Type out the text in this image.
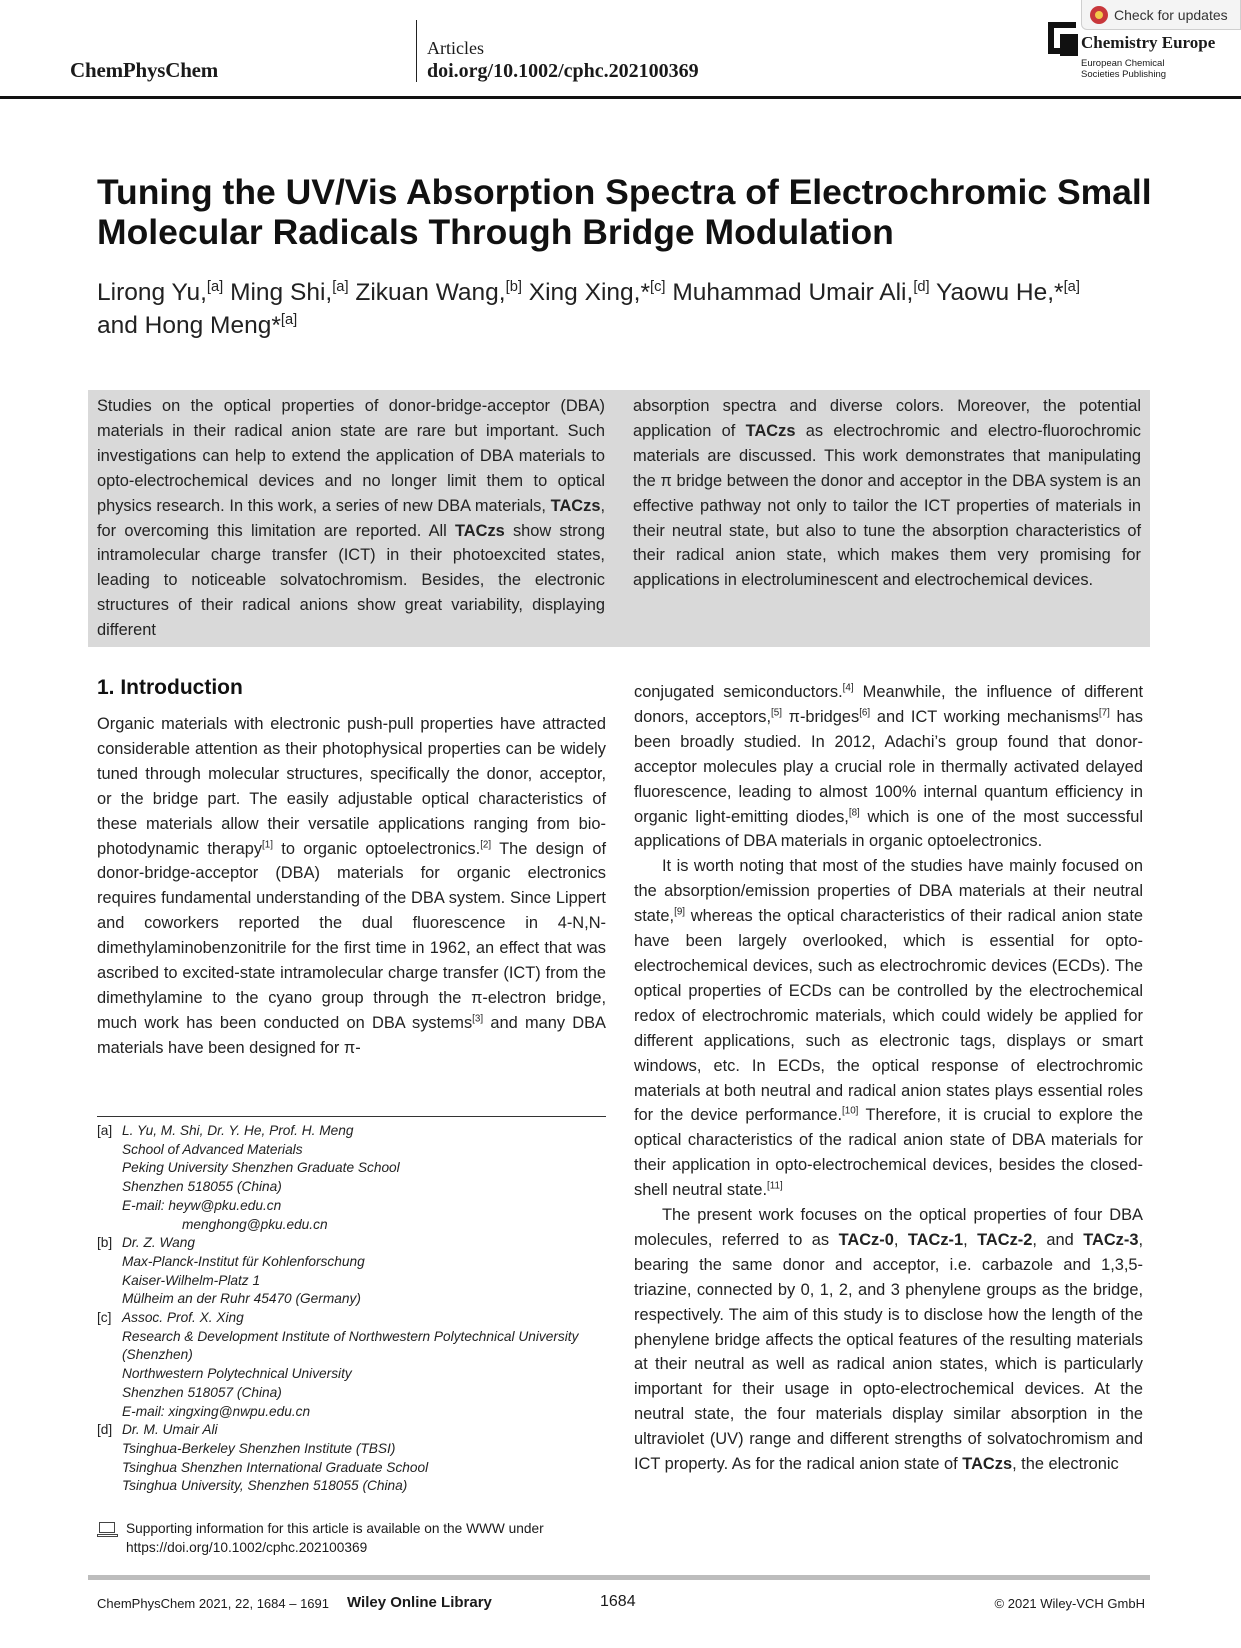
ChemPhysChem
Articles
doi.org/10.1002/cphc.202100369
Chemistry Europe
European Chemical Societies Publishing
Check for updates
Tuning the UV/Vis Absorption Spectra of Electrochromic Small Molecular Radicals Through Bridge Modulation
Lirong Yu,[a] Ming Shi,[a] Zikuan Wang,[b] Xing Xing,*[c] Muhammad Umair Ali,[d] Yaowu He,*[a]
and Hong Meng*[a]
Studies on the optical properties of donor-bridge-acceptor (DBA) materials in their radical anion state are rare but important. Such investigations can help to extend the application of DBA materials to opto-electrochemical devices and no longer limit them to optical physics research. In this work, a series of new DBA materials, TACzs, for overcoming this limitation are reported. All TACzs show strong intramolecular charge transfer (ICT) in their photoexcited states, leading to noticeable solvatochromism. Besides, the electronic structures of their radical anions show great variability, displaying different
absorption spectra and diverse colors. Moreover, the potential application of TACzs as electrochromic and electro-fluorochromic materials are discussed. This work demonstrates that manipulating the π bridge between the donor and acceptor in the DBA system is an effective pathway not only to tailor the ICT properties of materials in their neutral state, but also to tune the absorption characteristics of their radical anion state, which makes them very promising for applications in electroluminescent and electrochemical devices.
1. Introduction

Organic materials with electronic push-pull properties have attracted considerable attention as their photophysical properties can be widely tuned through molecular structures, specifically the donor, acceptor, or the bridge part. The easily adjustable optical characteristics of these materials allow their versatile applications ranging from bio-photodynamic therapy[1] to organic optoelectronics.[2] The design of donor-bridge-acceptor (DBA) materials for organic electronics requires fundamental understanding of the DBA system. Since Lippert and coworkers reported the dual fluorescence in 4-N,N-dimethylaminobenzonitrile for the first time in 1962, an effect that was ascribed to excited-state intramolecular charge transfer (ICT) from the dimethylamine to the cyano group through the π-electron bridge, much work has been conducted on DBA systems[3] and many DBA materials have been designed for π-

conjugated semiconductors.[4] Meanwhile, the influence of different donors, acceptors,[5] π-bridges[6] and ICT working mechanisms[7] has been broadly studied. In 2012, Adachi’s group found that donor-acceptor molecules play a crucial role in thermally activated delayed fluorescence, leading to almost 100% internal quantum efficiency in organic light-emitting diodes,[8] which is one of the most successful applications of DBA materials in organic optoelectronics.

It is worth noting that most of the studies have mainly focused on the absorption/emission properties of DBA materials at their neutral state,[9] whereas the optical characteristics of their radical anion state have been largely overlooked, which is essential for opto-electrochemical devices, such as electrochromic devices (ECDs). The optical properties of ECDs can be controlled by the electrochemical redox of electrochromic materials, which could widely be applied for different applications, such as electronic tags, displays or smart windows, etc. In ECDs, the optical response of electrochromic materials at both neutral and radical anion states plays essential roles for the device performance.[10] Therefore, it is crucial to explore the optical characteristics of the radical anion state of DBA materials for their application in opto-electrochemical devices, besides the closed-shell neutral state.[11]

The present work focuses on the optical properties of four DBA molecules, referred to as TACz-0, TACz-1, TACz-2, and TACz-3, bearing the same donor and acceptor, i.e. carbazole and 1,3,5-triazine, connected by 0, 1, 2, and 3 phenylene groups as the bridge, respectively. The aim of this study is to disclose how the length of the phenylene bridge affects the optical features of the resulting materials at their neutral as well as radical anion states, which is particularly important for their usage in opto-electrochemical devices. At the neutral state, the four materials display similar absorption in the ultraviolet (UV) range and different strengths of solvatochromism and ICT property. As for the radical anion state of TACzs, the electronic

[a] L. Yu, M. Shi, Dr. Y. He, Prof. H. Meng
School of Advanced Materials
Peking University Shenzhen Graduate School
Shenzhen 518055 (China)
E-mail: heyw@pku.edu.cn
menghong@pku.edu.cn
[b] Dr. Z. Wang
Max-Planck-Institut für Kohlenforschung
Kaiser-Wilhelm-Platz 1
Mülheim an der Ruhr 45470 (Germany)
[c] Assoc. Prof. X. Xing
Research & Development Institute of Northwestern Polytechnical University (Shenzhen)
Northwestern Polytechnical University
Shenzhen 518057 (China)
E-mail: xingxing@nwpu.edu.cn
[d] Dr. M. Umair Ali
Tsinghua-Berkeley Shenzhen Institute (TBSI)
Tsinghua Shenzhen International Graduate School
Tsinghua University, Shenzhen 518055 (China)
Supporting information for this article is available on the WWW under https://doi.org/10.1002/cphc.202100369
ChemPhysChem 2021, 22, 1684 – 1691 Wiley Online Library	1684	© 2021 Wiley-VCH GmbH
